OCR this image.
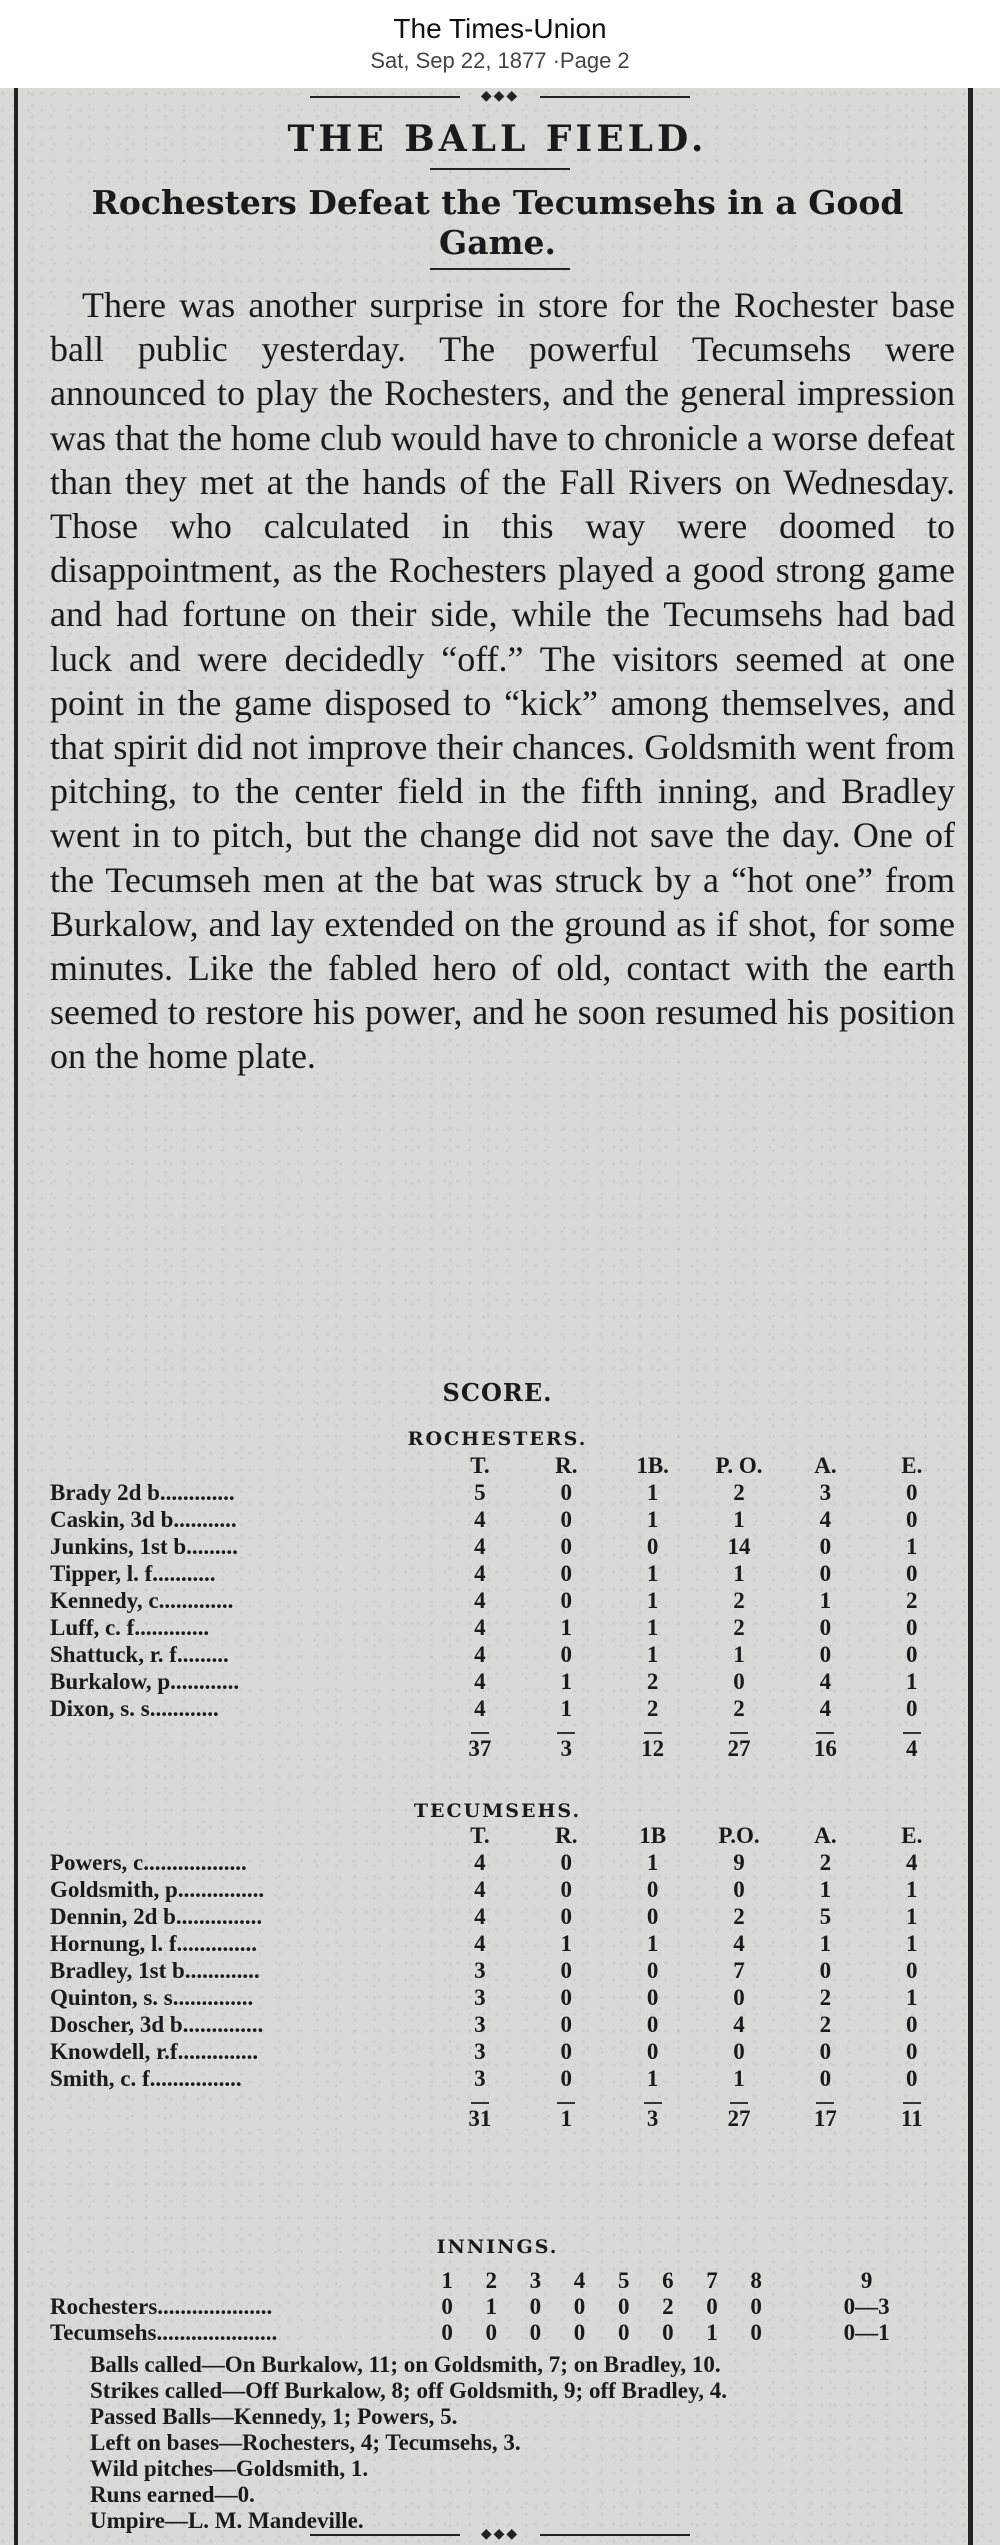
The Times-Union
Sat, Sep 22, 1877 ·Page 2
◆◆◆
THE BALL FIELD.
Rochesters Defeat the Tecumsehs in a Good Game.

There was another surprise in store for the Rochester base ball public yesterday. The powerful Tecumsehs were announced to play the Rochesters, and the general impression was that the home club would have to chronicle a worse defeat than they met at the hands of the Fall Rivers on Wednesday. Those who calculated in this way were doomed to disappointment, as the Rochesters played a good strong game and had fortune on their side, while the Tecumsehs had bad luck and were decidedly “off.” The visitors seemed at one point in the game disposed to “kick” among themselves, and that spirit did not improve their chances. Goldsmith went from pitching, to the center field in the fifth inning, and Bradley went in to pitch, but the change did not save the day. One of the Tecumseh men at the bat was struck by a “hot one” from Burkalow, and lay extended on the ground as if shot, for some minutes. Like the fabled hero of old, contact with the earth seemed to restore his power, and he soon resumed his position on the home plate.

SCORE.
ROCHESTERS.
	T.	R.	1B.	P. O.	A.	E.
Brady 2d b.............	5	0	1	2	3	0
Caskin, 3d b...........	4	0	1	1	4	0
Junkins, 1st b.........	4	0	0	14	0	1
Tipper, l. f...........	4	0	1	1	0	0
Kennedy, c.............	4	0	1	2	1	2
Luff, c. f.............	4	1	1	2	0	0
Shattuck, r. f.........	4	0	1	1	0	0
Burkalow, p............	4	1	2	0	4	1
Dixon, s. s............	4	1	2	2	4	0

37	3	12	27	16	4
TECUMSEHS.
	T.	R.	1B	P.O.	A.	E.
Powers, c..................	4	0	1	9	2	4
Goldsmith, p...............	4	0	0	0	1	1
Dennin, 2d b...............	4	0	0	2	5	1
Hornung, l. f..............	4	1	1	4	1	1
Bradley, 1st b.............	3	0	0	7	0	0
Quinton, s. s..............	3	0	0	0	2	1
Doscher, 3d b..............	3	0	0	4	2	0
Knowdell, r.f..............	3	0	0	0	0	0
Smith, c. f................	3	0	1	1	0	0

31	1	3	27	17	11
INNINGS.
	1	2	3	4	5	6	7	8	9
Rochesters....................	0	1	0	0	0	2	0	0	0—3
Tecumsehs.....................	0	0	0	0	0	0	1	0	0—1
Balls called—On Burkalow, 11; on Goldsmith, 7; on Bradley, 10.
Strikes called—Off Burkalow, 8; off Goldsmith, 9; off Bradley, 4.
Passed Balls—Kennedy, 1; Powers, 5.
Left on bases—Rochesters, 4; Tecumsehs, 3.
Wild pitches—Goldsmith, 1.
Runs earned—0.
Umpire—L. M. Mandeville.
◆◆◆
